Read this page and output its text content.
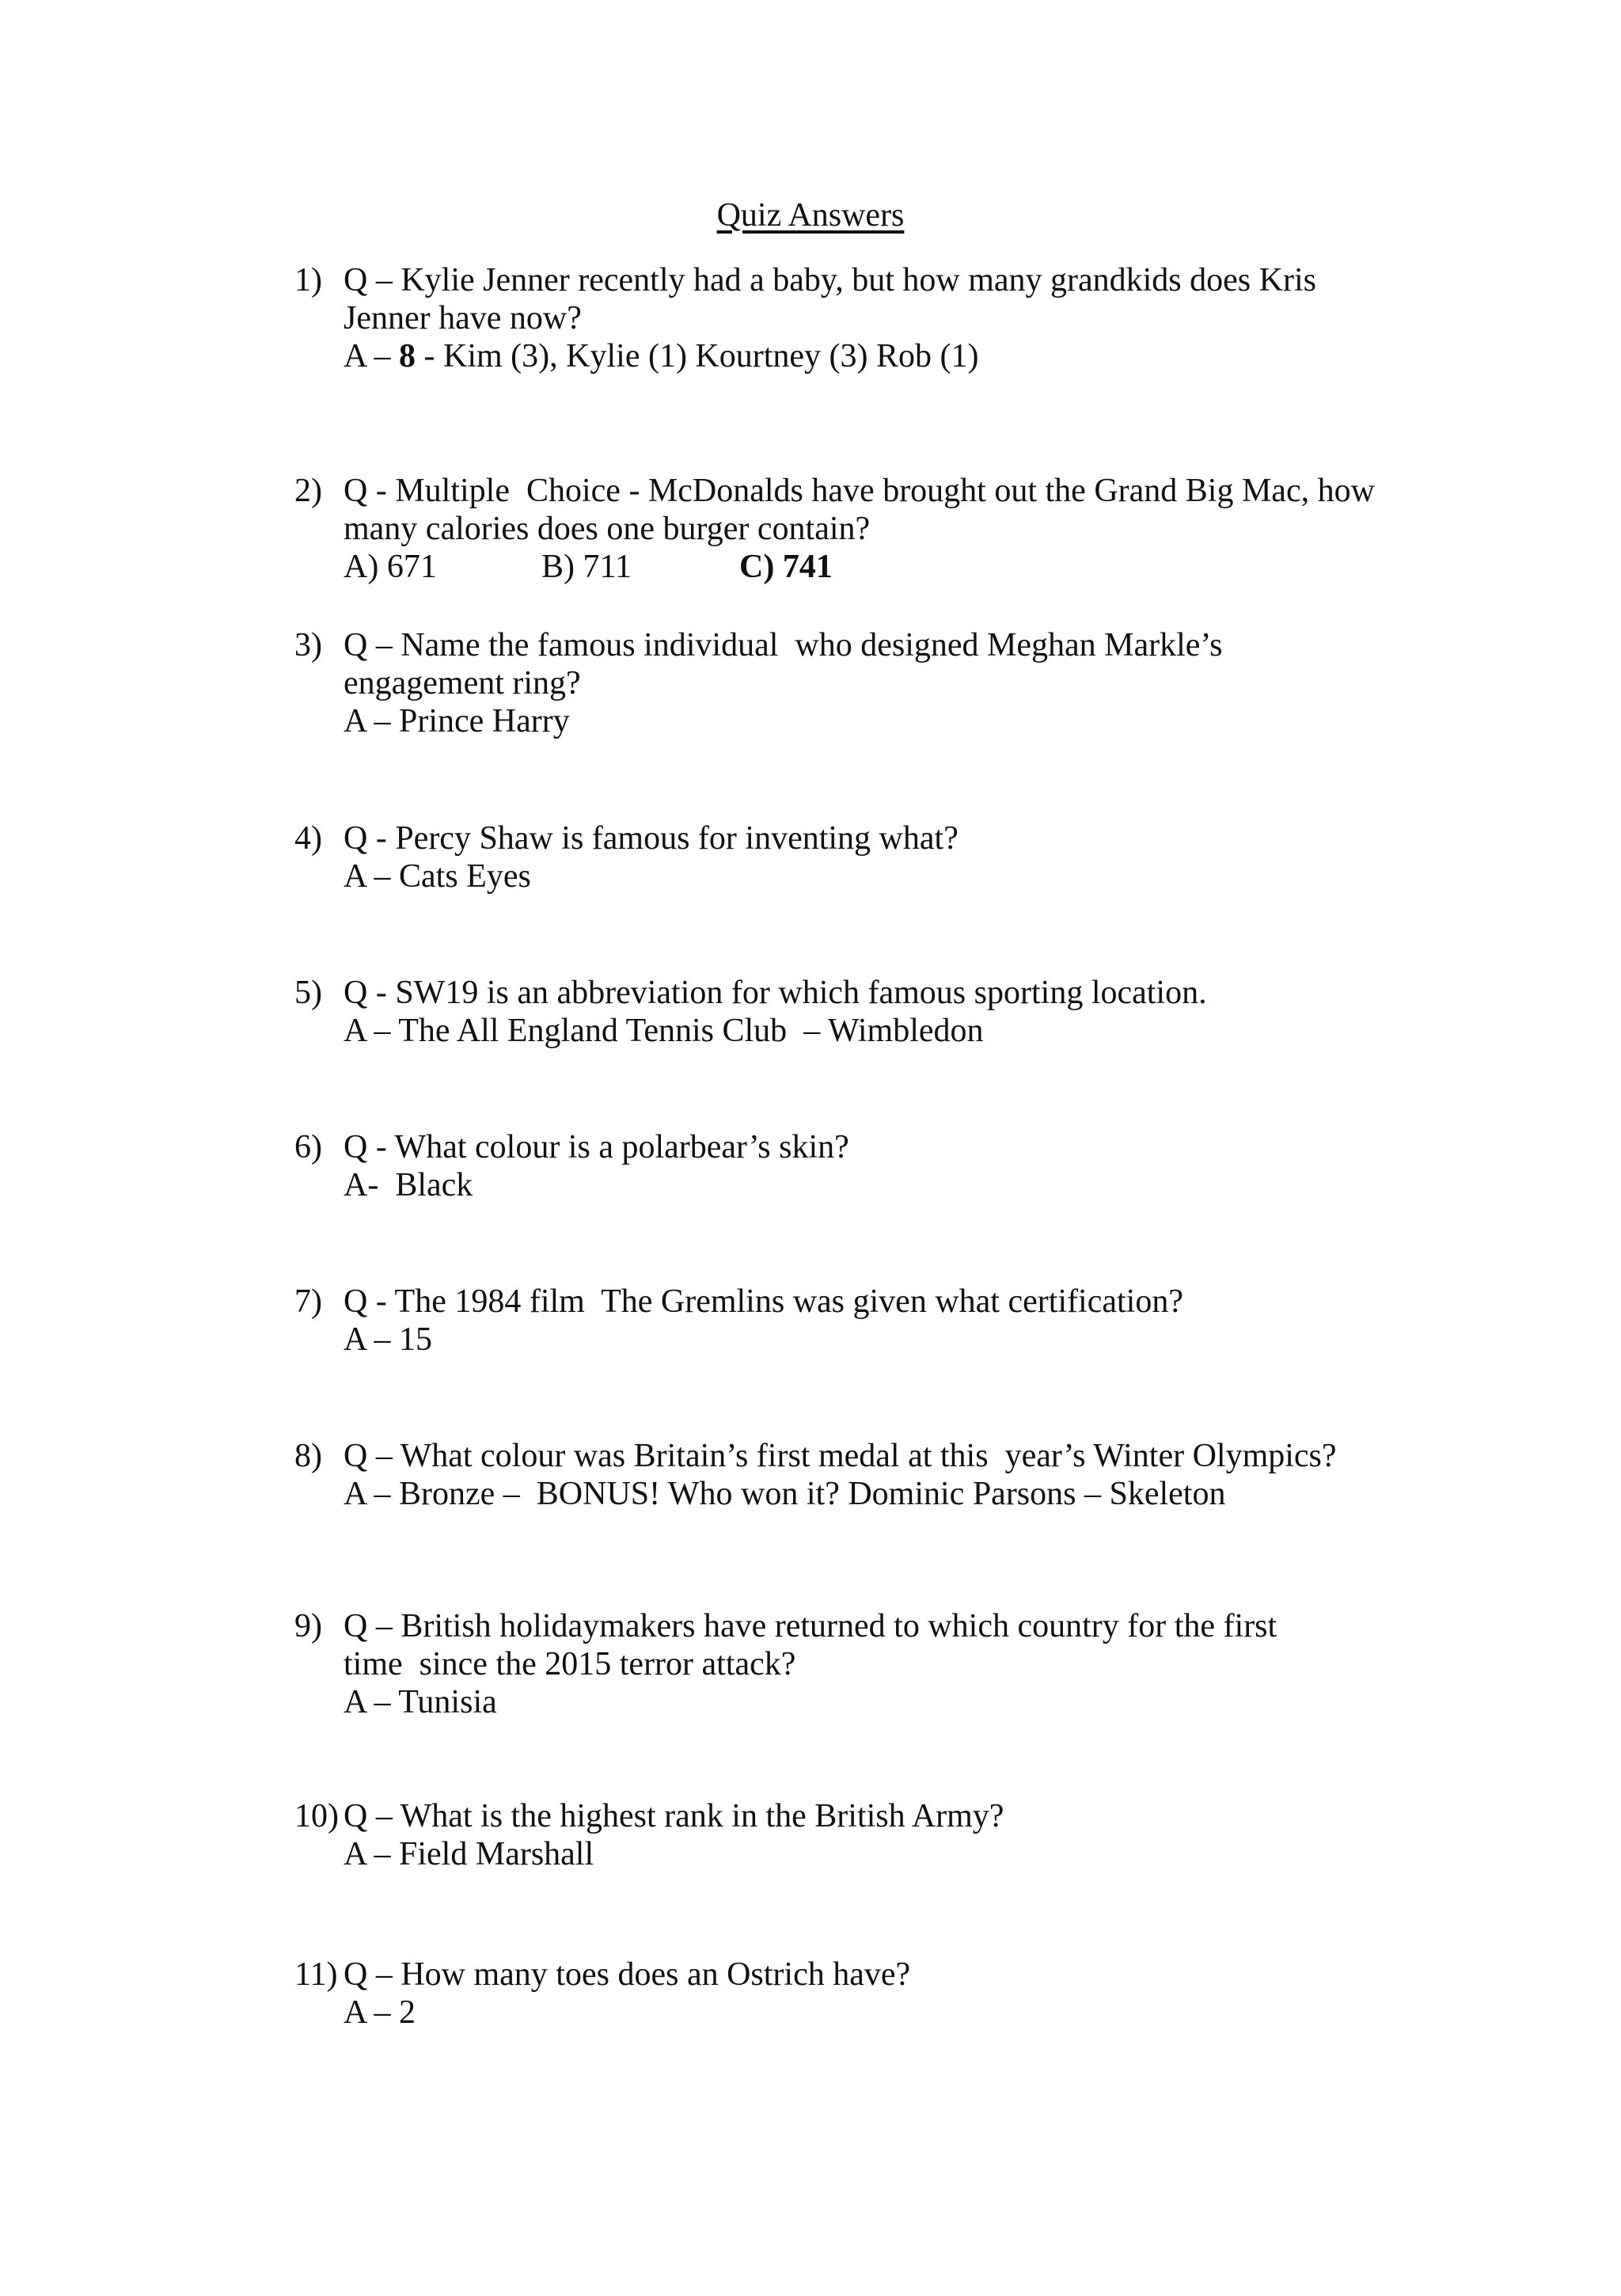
Quiz Answers
1) Q – Kylie Jenner recently had a baby, but how many grandkids does Kris
Jenner have now?
A – 8 - Kim (3), Kylie (1) Kourtney (3) Rob (1)
2) Q - Multiple  Choice - McDonalds have brought out the Grand Big Mac, how
many calories does one burger contain?
A) 671	B) 711	C) 741
3) Q – Name the famous individual  who designed Meghan Markle’s
engagement ring?
A – Prince Harry
4) Q - Percy Shaw is famous for inventing what?
A – Cats Eyes
5) Q - SW19 is an abbreviation for which famous sporting location.
A – The All England Tennis Club  – Wimbledon
6) Q - What colour is a polarbear’s skin?
A-  Black
7) Q - The 1984 film  The Gremlins was given what certification?
A – 15
8) Q – What colour was Britain’s first medal at this  year’s Winter Olympics?
A – Bronze –  BONUS! Who won it? Dominic Parsons – Skeleton
9) Q – British holidaymakers have returned to which country for the first
time  since the 2015 terror attack?
A – Tunisia
10) Q – What is the highest rank in the British Army?
A – Field Marshall
11) Q – How many toes does an Ostrich have?
A – 2
